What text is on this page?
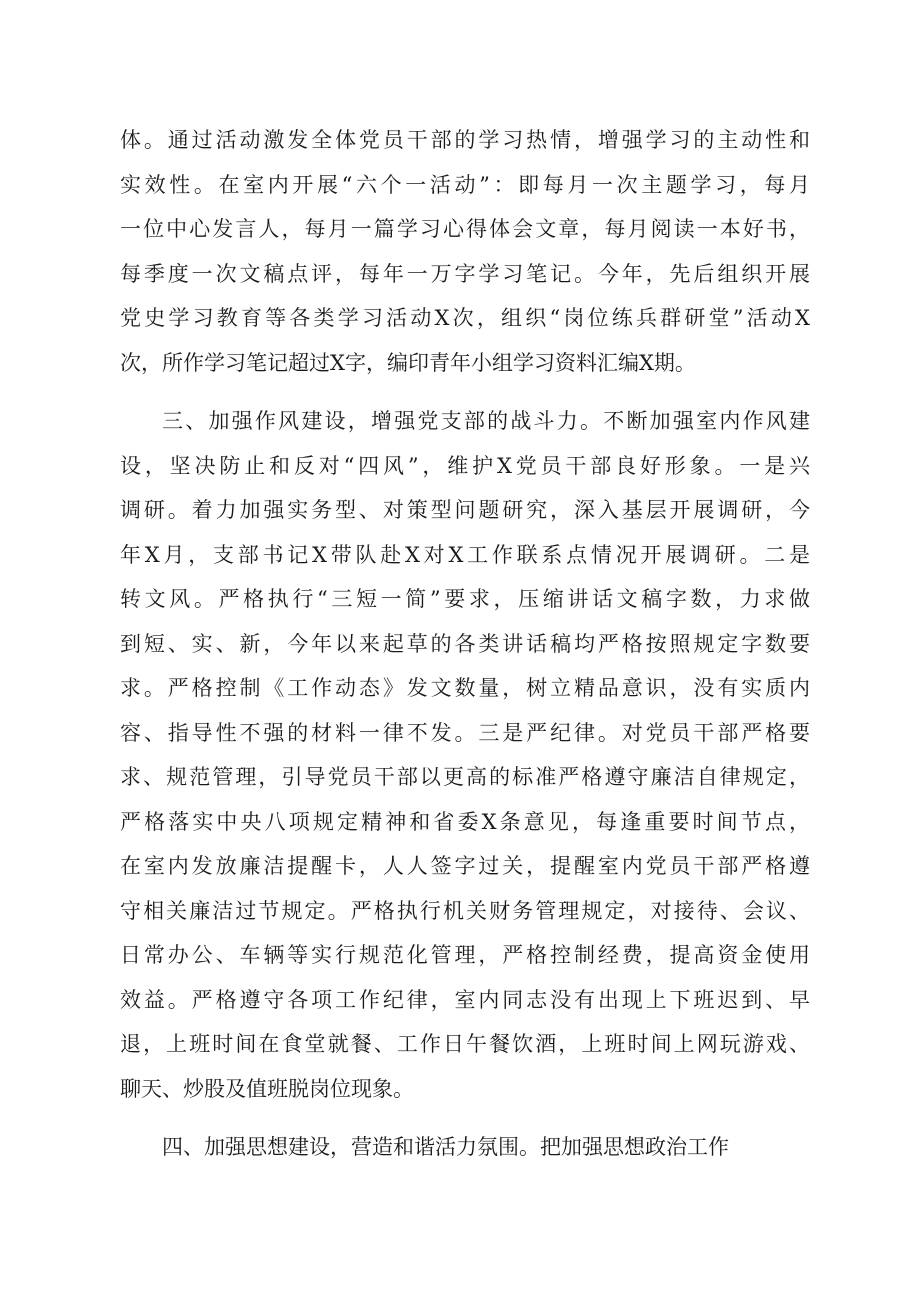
体。通过活动激发全体党员干部的学习热情，增强学习的主动性和
实效性。在室内开展“六个一活动”：即每月一次主题学习，每月
一位中心发言人，每月一篇学习心得体会文章，每月阅读一本好书，
每季度一次文稿点评，每年一万字学习笔记。今年，先后组织开展
党史学习教育等各类学习活动X次，组织“岗位练兵群研堂”活动X
次，所作学习笔记超过X字，编印青年小组学习资料汇编X期。
三、加强作风建设，增强党支部的战斗力。不断加强室内作风建
设，坚决防止和反对“四风”，维护X党员干部良好形象。一是兴
调研。着力加强实务型、对策型问题研究，深入基层开展调研，今
年X月，支部书记X带队赴X对X工作联系点情况开展调研。二是
转文风。严格执行“三短一简”要求，压缩讲话文稿字数，力求做
到短、实、新，今年以来起草的各类讲话稿均严格按照规定字数要
求。严格控制《工作动态》发文数量，树立精品意识，没有实质内
容、指导性不强的材料一律不发。三是严纪律。对党员干部严格要
求、规范管理，引导党员干部以更高的标准严格遵守廉洁自律规定，
严格落实中央八项规定精神和省委X条意见，每逢重要时间节点，
在室内发放廉洁提醒卡，人人签字过关，提醒室内党员干部严格遵
守相关廉洁过节规定。严格执行机关财务管理规定，对接待、会议、
日常办公、车辆等实行规范化管理，严格控制经费，提高资金使用
效益。严格遵守各项工作纪律，室内同志没有出现上下班迟到、早
退，上班时间在食堂就餐、工作日午餐饮酒，上班时间上网玩游戏、
聊天、炒股及值班脱岗位现象。
四、加强思想建设，营造和谐活力氛围。把加强思想政治工作
